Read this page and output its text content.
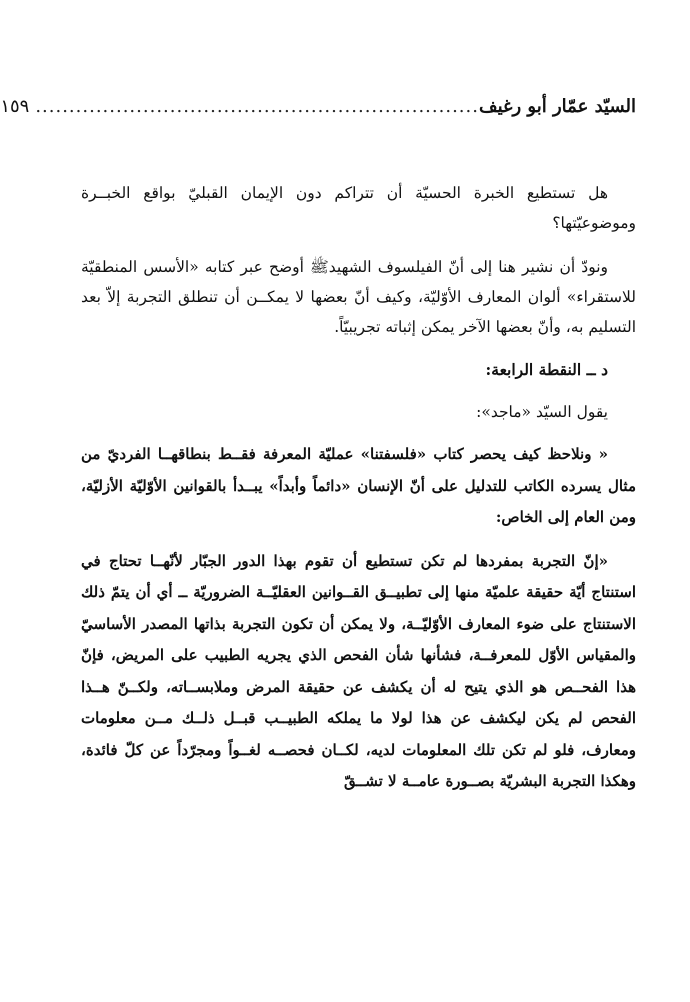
السيّد عمّار أبو رغيف
..................................................................
١٥٩

هل تستطيع الخبرة الحسيّة أن تتراكم دون الإيمان القبليّ بواقع الخبــرة وموضوعيّتها؟

ونودّ أن نشير هنا إلى أنّ الفيلسوف الشهيدﷺ أوضح عبر كتابه «الأسس المنطقيّة للاستقراء» ألوان المعارف الأوّليّة، وكيف أنّ بعضها لا يمكــن أن تنطلق التجربة إلاّ بعد التسليم به، وأنّ بعضها الآخر يمكن إثباته تجريبيّاً.

د ــ النقطة الرابعة:

يقول السيّد «ماجد»:

« ونلاحظ كيف يحصر كتاب «فلسفتنا» عمليّة المعرفة فقــط بنطاقهــا الفرديّ من مثال يسرده الكاتب للتدليل على أنّ الإنسان «دائماً وأبداً» يبــدأ بالقوانين الأوّليّة الأزليّة، ومن العام إلى الخاص:

«إنّ التجربة بمفردها لم تكن تستطيع أن تقوم بهذا الدور الجبّار لأنّهــا تحتاج في استنتاج أيّة حقيقة علميّة منها إلى تطبيــق القــوانين العقليّــة الضروريّة ــ أي أن يتمّ ذلك الاستنتاج على ضوء المعارف الأوّليّــة، ولا يمكن أن تكون التجربة بذاتها المصدر الأساسيّ والمقياس الأوّل للمعرفــة، فشأنها شأن الفحص الذي يجريه الطبيب على المريض، فإنّ هذا الفحــص هو الذي يتيح له أن يكشف عن حقيقة المرض وملابســاته، ولكــنّ هــذا الفحص لم يكن ليكشف عن هذا لولا ما يملكه الطبيــب قبــل ذلــك مــن معلومات ومعارف، فلو لم تكن تلك المعلومات لديه، لكــان فحصــه لغــواً ومجرّداً عن كلّ فائدة، وهكذا التجربة البشريّة بصــورة عامــة لا تشــقّ
